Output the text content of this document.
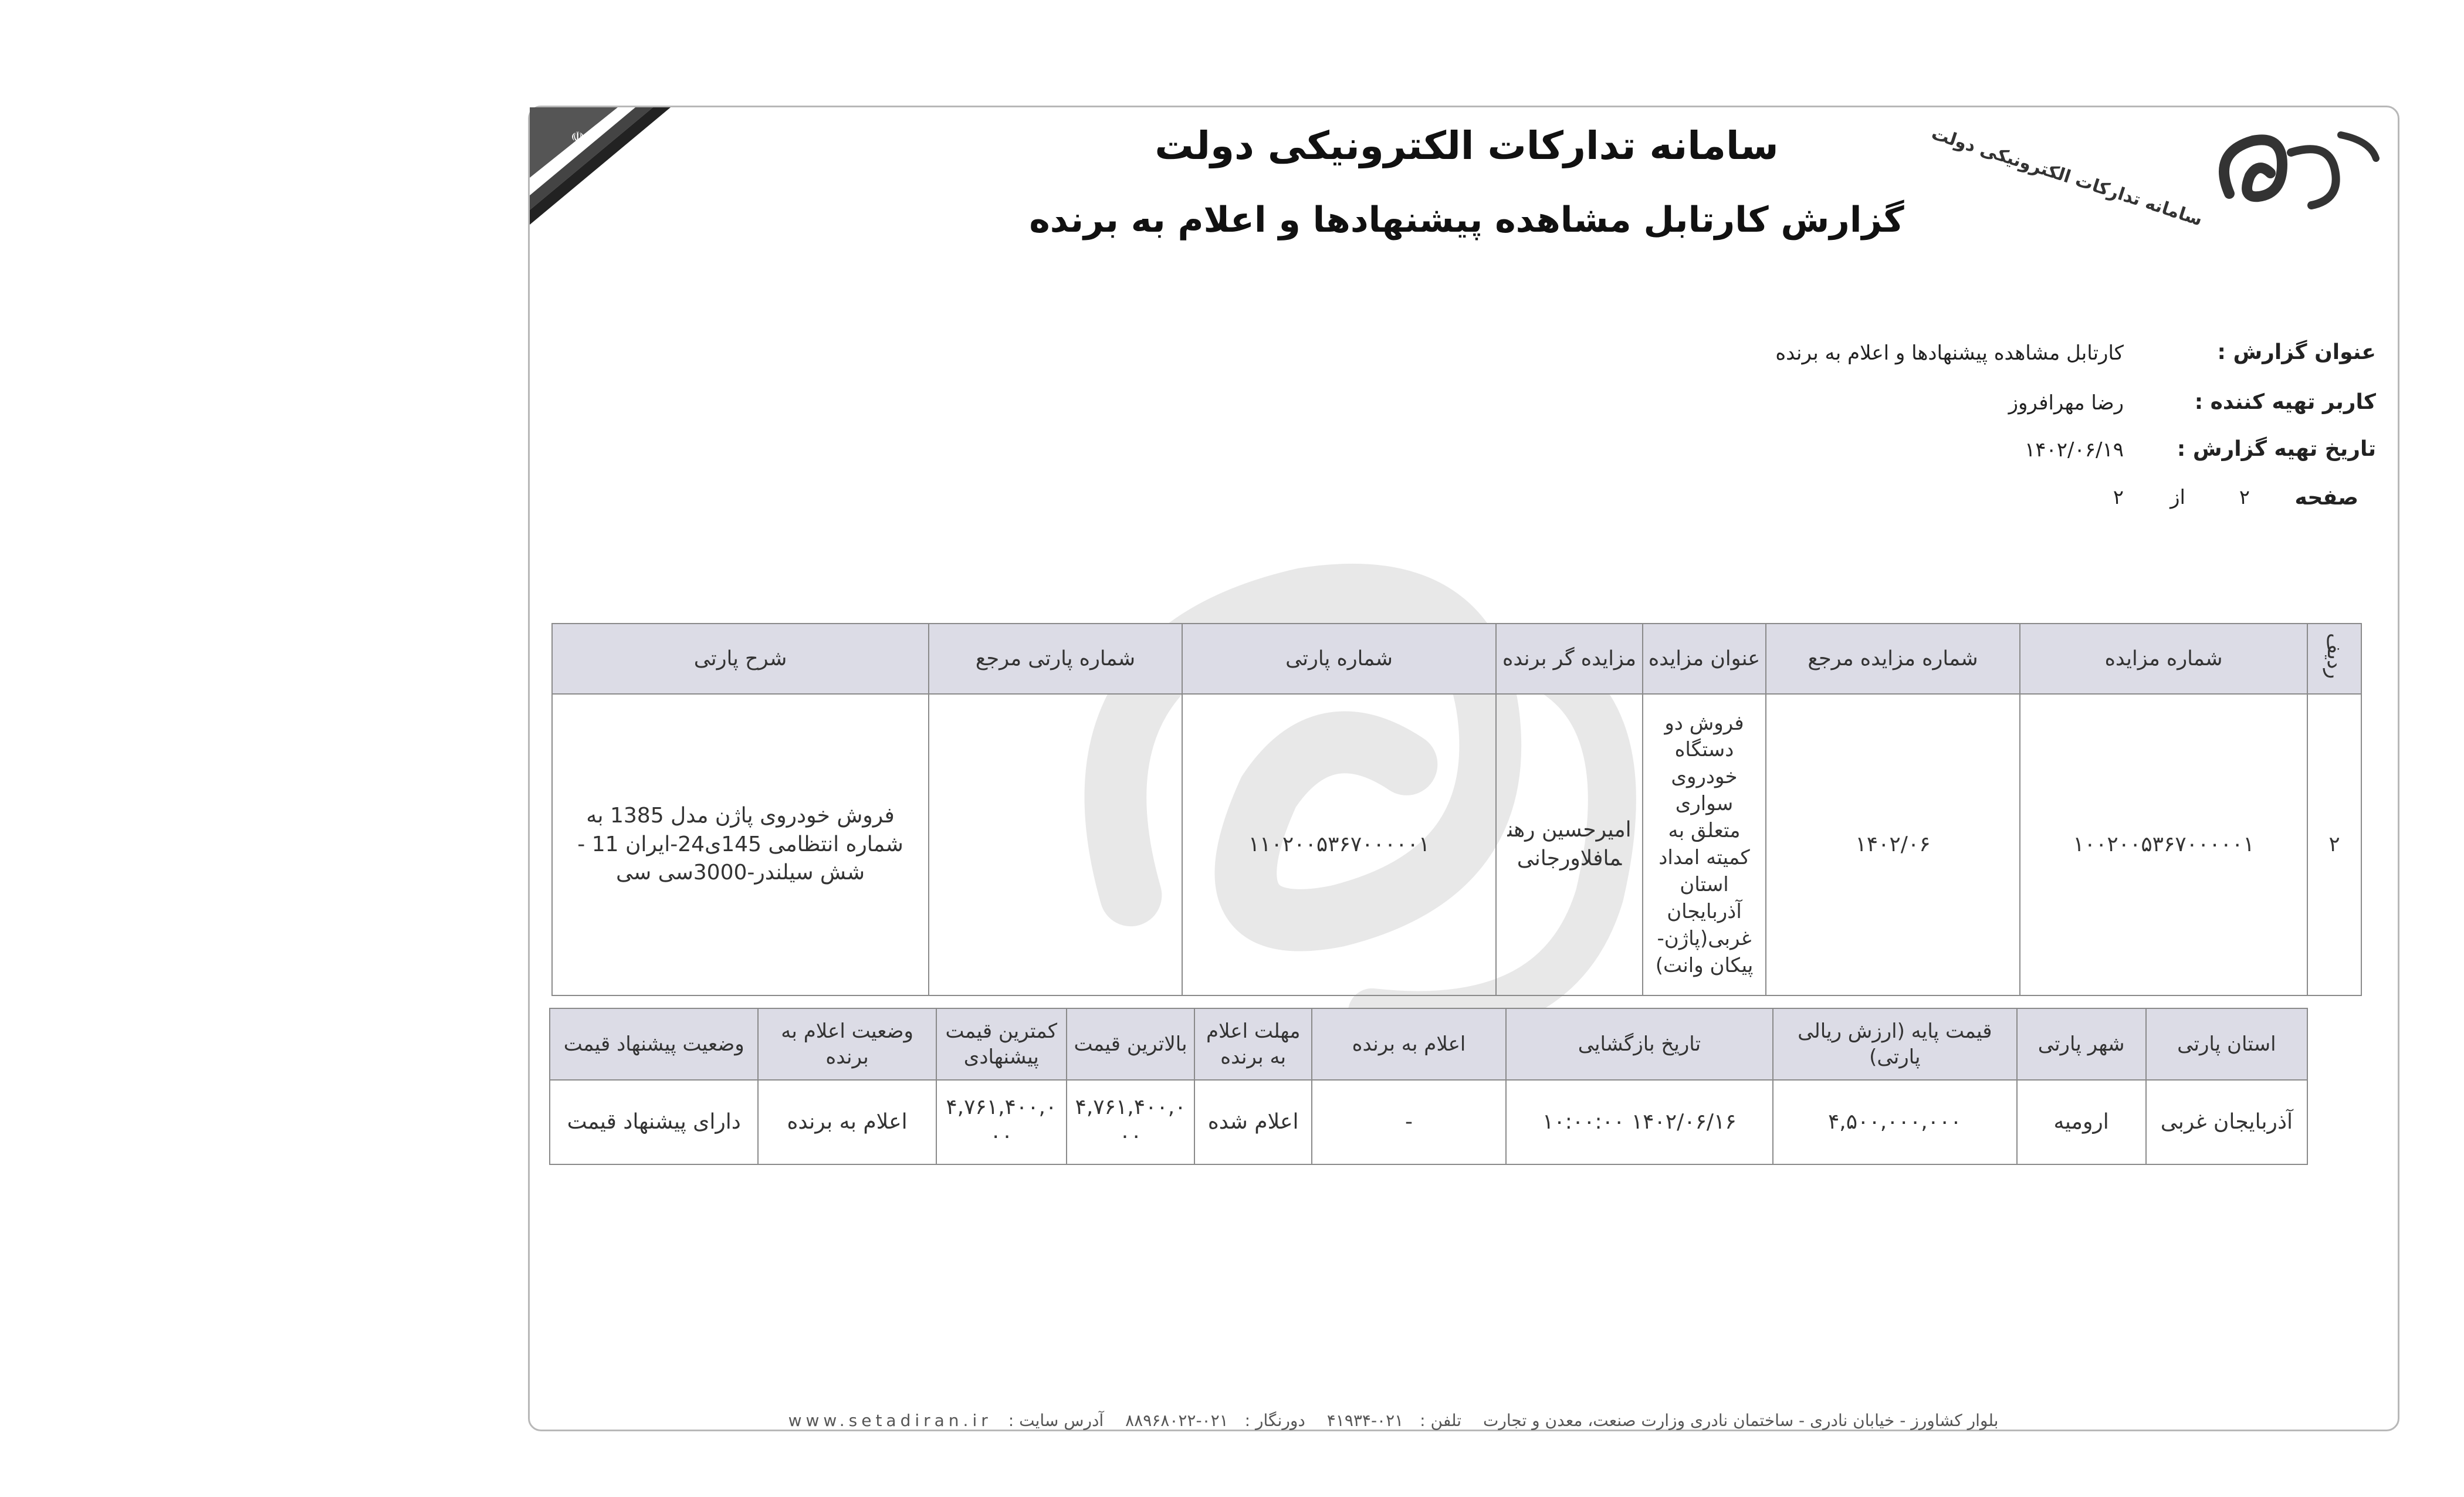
☫	سامانه تدارکات الکترونیکی دولت
سامانه تدارکات الکترونیکی دولت
گزارش کارتابل مشاهده پیشنهادها و اعلام به برنده
عنوان گزارش :
کارتابل مشاهده پیشنهادها و اعلام به برنده
کاربر تهیه کننده :
رضا مهرافروز
تاریخ تهیه گزارش :
۱۴۰۲/۰۶/۱۹
صفحه
۲
از
۲
ردیف	شماره مزایده	شماره مزایده مرجع	عنوان مزایده	مزایده گر برنده	شماره پارتی	شماره پارتی مرجع	شرح پارتی
۲	۱۰۰۲۰۰۵۳۶۷۰۰۰۰۰۱	۱۴۰۲/۰۶	فروش دو دستگاه خودروی سواری متعلق به کمیته امداد استان آذربایجان غربی(پاژن-پیکان وانت)	امیرحسین رهنمافلاورجانی	۱۱۰۲۰۰۵۳۶۷۰۰۰۰۰۱		فروش خودروی پاژن مدل 1385 به شماره انتظامی 145ی24-ایران 11 - شش سیلندر-3000سی سی
استان پارتی	شهر پارتی	قیمت پایه (ارزش ریالی پارتی)	تاریخ بازگشایی	اعلام به برنده	مهلت اعلام به برنده	بالاترین قیمت	کمترین قیمت پیشنهادی	وضعیت اعلام به برنده	وضعیت پیشنهاد قیمت
آذربایجان غربی	ارومیه	۴,۵۰۰,۰۰۰,۰۰۰	۱۴۰۲/۰۶/۱۶ ۱۰:۰۰:۰۰	-	اعلام شده	۴,۷۶۱,۴۰۰,۰۰۰	۴,۷۶۱,۴۰۰,۰۰۰	اعلام به برنده	دارای پیشنهاد قیمت
بلوار کشاورز - خیابان نادری - ساختمان نادری وزارت صنعت، معدن و تجارت تلفن :۰۲۱-۴۱۹۳۴ دورنگار :۰۲۱-۸۸۹۶۸۰۲۲ آدرس سایت :www.setadiran.ir
